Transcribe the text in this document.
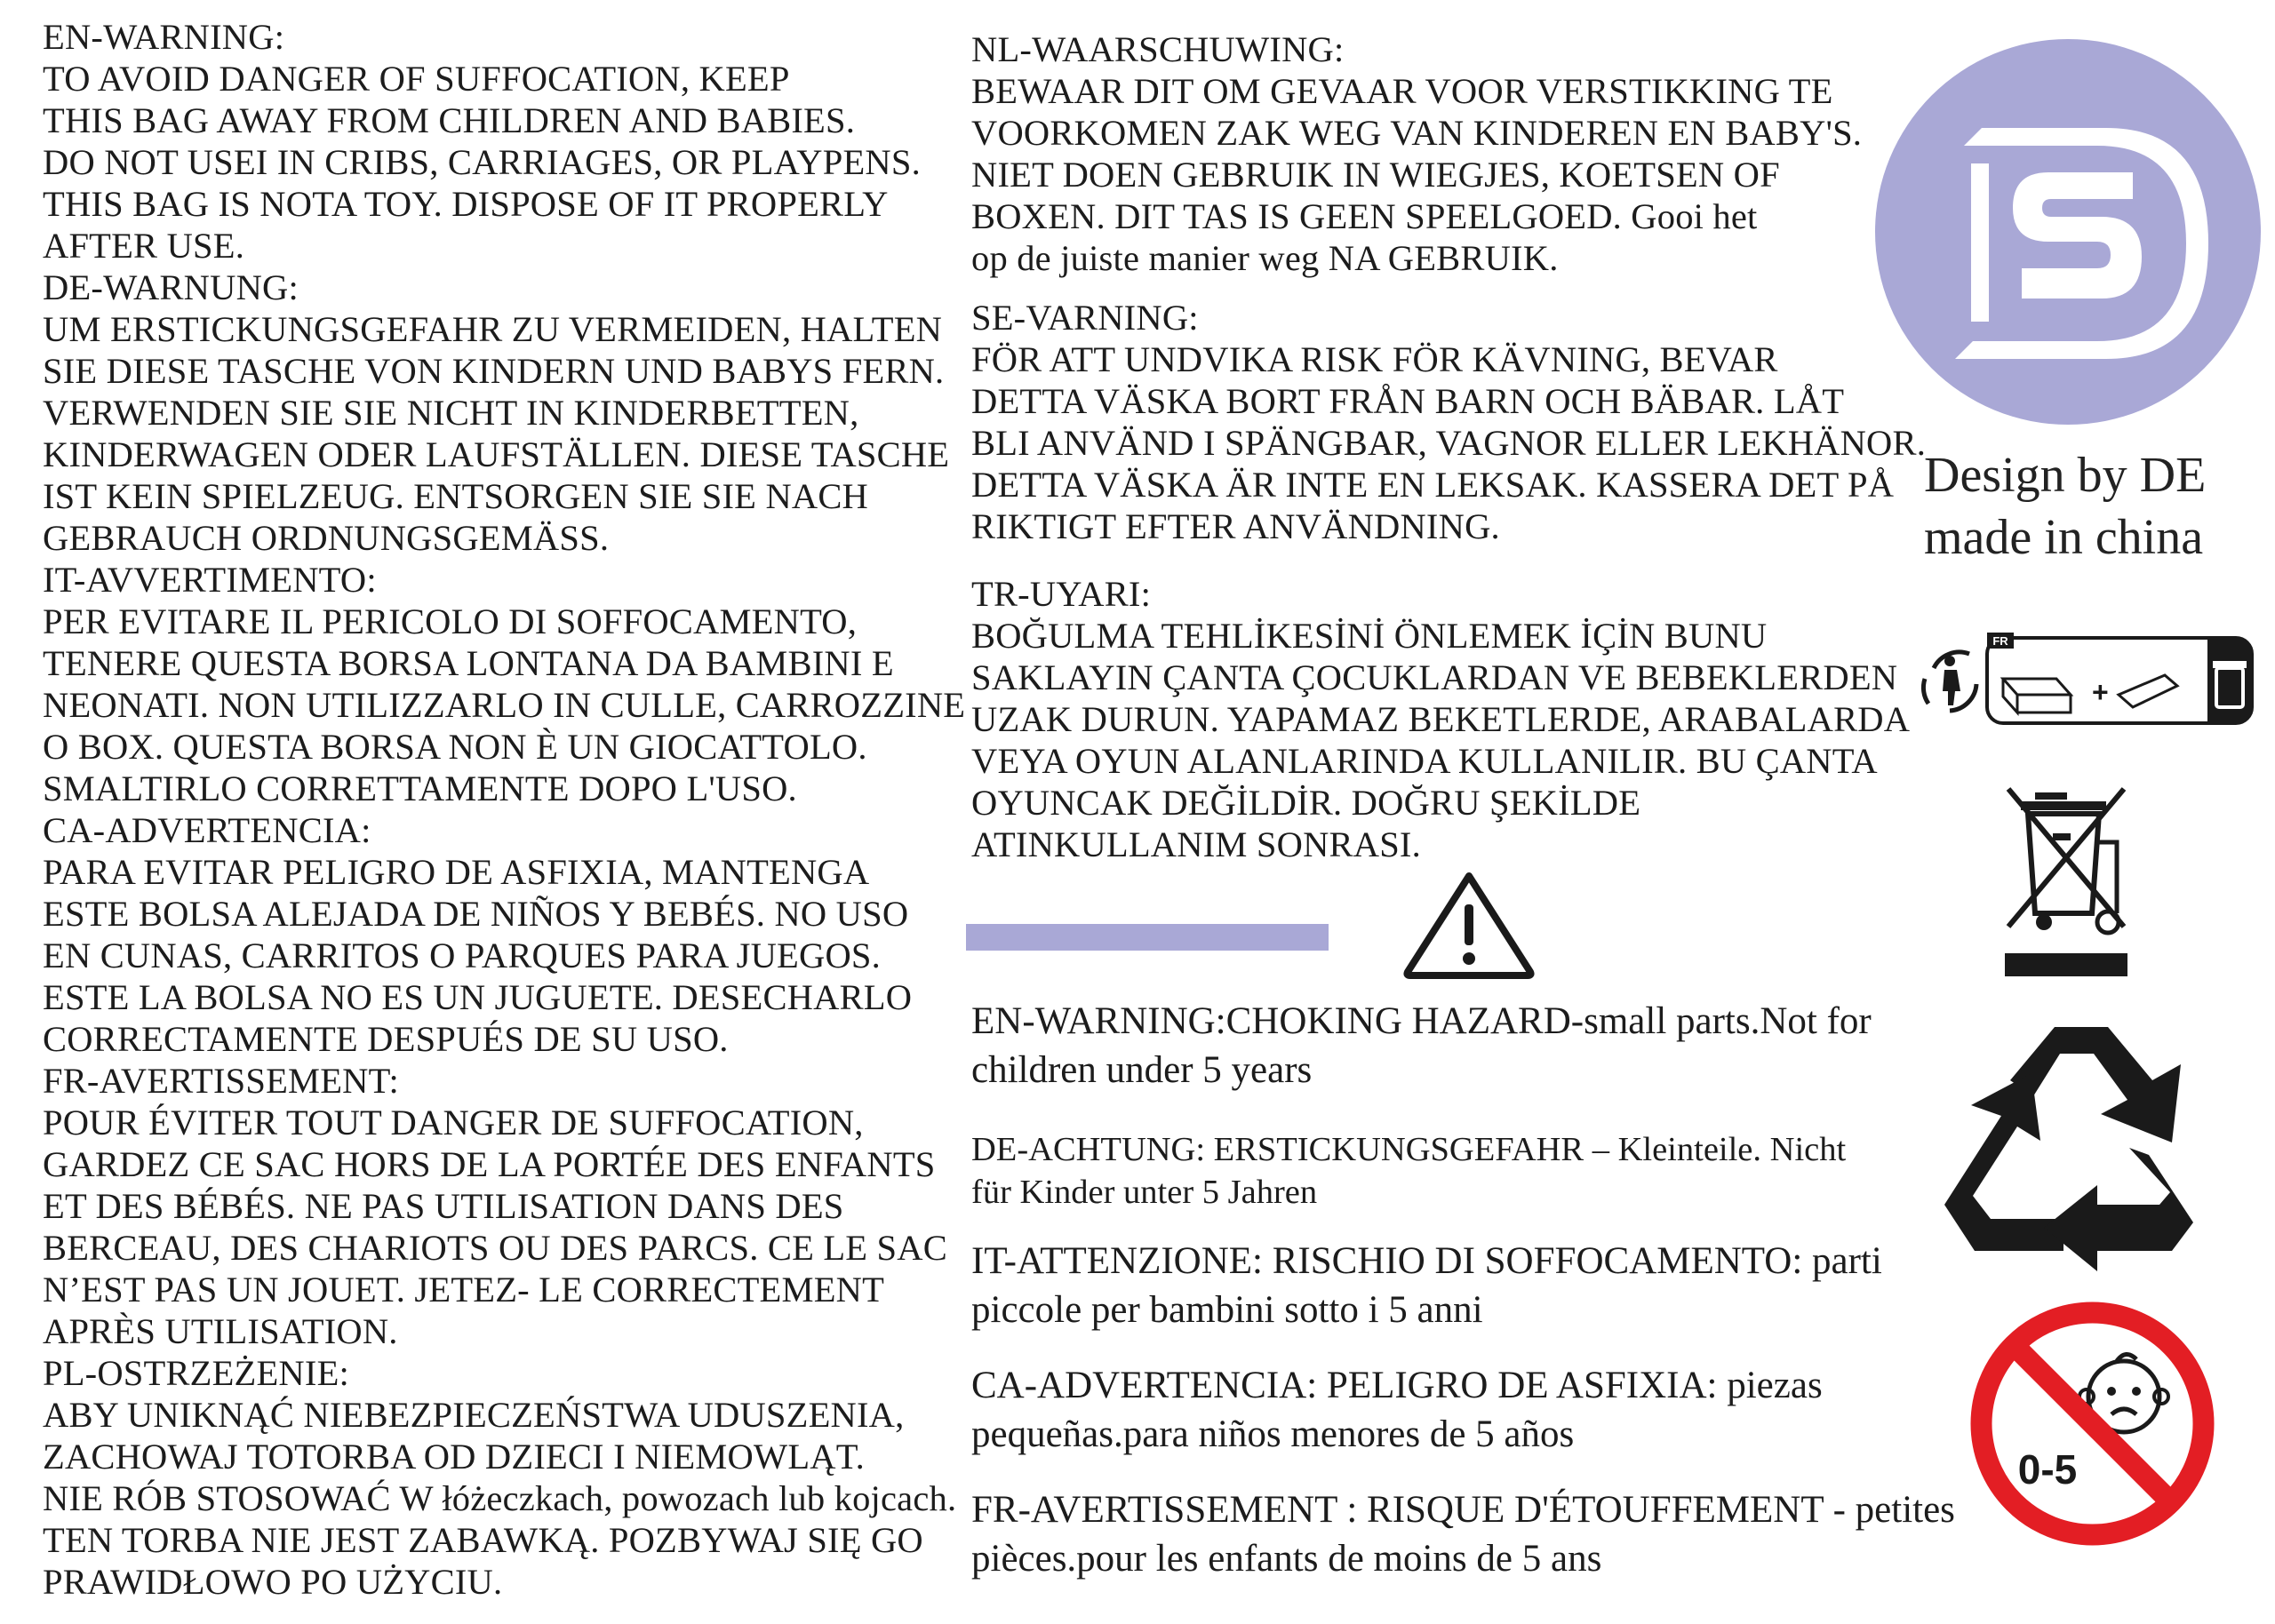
EN-WARNING:
TO AVOID DANGER OF SUFFOCATION, KEEP
THIS BAG AWAY FROM CHILDREN AND BABIES.
DO NOT USEI IN CRIBS, CARRIAGES, OR PLAYPENS.
THIS BAG IS NOTA TOY. DISPOSE OF IT PROPERLY
AFTER USE.
DE-WARNUNG:
UM ERSTICKUNGSGEFAHR ZU VERMEIDEN, HALTEN
SIE DIESE TASCHE VON KINDERN UND BABYS FERN.
VERWENDEN SIE SIE NICHT IN KINDERBETTEN,
KINDERWAGEN ODER LAUFSTÄLLEN. DIESE TASCHE
IST KEIN SPIELZEUG. ENTSORGEN SIE SIE NACH
GEBRAUCH ORDNUNGSGEMÄSS.
IT-AVVERTIMENTO:
PER EVITARE IL PERICOLO DI SOFFOCAMENTO,
TENERE QUESTA BORSA LONTANA DA BAMBINI E
NEONATI. NON UTILIZZARLO IN CULLE, CARROZZINE
O BOX. QUESTA BORSA NON È UN GIOCATTOLO.
SMALTIRLO CORRETTAMENTE DOPO L'USO.
CA-ADVERTENCIA:
PARA EVITAR PELIGRO DE ASFIXIA, MANTENGA
ESTE BOLSA ALEJADA DE NIÑOS Y BEBÉS. NO USO
EN CUNAS, CARRITOS O PARQUES PARA JUEGOS.
ESTE LA BOLSA NO ES UN JUGUETE. DESECHARLO
CORRECTAMENTE DESPUÉS DE SU USO.
FR-AVERTISSEMENT:
POUR ÉVITER TOUT DANGER DE SUFFOCATION,
GARDEZ CE SAC HORS DE LA PORTÉE DES ENFANTS
ET DES BÉBÉS. NE PAS UTILISATION DANS DES
BERCEAU, DES CHARIOTS OU DES PARCS. CE LE SAC
N’EST PAS UN JOUET. JETEZ- LE CORRECTEMENT
APRÈS UTILISATION.
PL-OSTRZEŻENIE:
ABY UNIKNĄĆ NIEBEZPIECZEŃSTWA UDUSZENIA,
ZACHOWAJ TOTORBA OD DZIECI I NIEMOWLĄT.
NIE RÓB STOSOWAĆ W łóżeczkach, powozach lub kojcach.
TEN TORBA NIE JEST ZABAWKĄ. POZBYWAJ SIĘ GO
PRAWIDŁOWO PO UŻYCIU.
NL-WAARSCHUWING:
BEWAAR DIT OM GEVAAR VOOR VERSTIKKING TE
VOORKOMEN ZAK WEG VAN KINDEREN EN BABY'S.
NIET DOEN GEBRUIK IN WIEGJES, KOETSEN OF
BOXEN. DIT TAS IS GEEN SPEELGOED. Gooi het
op de juiste manier weg NA GEBRUIK.
SE-VARNING:
FÖR ATT UNDVIKA RISK FÖR KÄVNING, BEVAR
DETTA VÄSKA BORT FRÅN BARN OCH BÄBAR. LÅT
BLI ANVÄND I SPÄNGBAR, VAGNOR ELLER LEKHÄNOR.
DETTA VÄSKA ÄR INTE EN LEKSAK. KASSERA DET PÅ
RIKTIGT EFTER ANVÄNDNING.
TR-UYARI:
BOĞULMA TEHLİKESİNİ ÖNLEMEK İÇİN BUNU
SAKLAYIN ÇANTA ÇOCUKLARDAN VE BEBEKLERDEN
UZAK DURUN. YAPAMAZ BEKETLERDE, ARABALARDA
VEYA OYUN ALANLARINDA KULLANILIR. BU ÇANTA
OYUNCAK DEĞİLDİR. DOĞRU ŞEKİLDE
ATINKULLANIM SONRASI.
EN-WARNING:CHOKING HAZARD-small parts.Not for
children under 5 years
DE-ACHTUNG: ERSTICKUNGSGEFAHR – Kleinteile. Nicht
für Kinder unter 5 Jahren
IT-ATTENZIONE: RISCHIO DI SOFFOCAMENTO: parti
piccole per bambini sotto i 5 anni
CA-ADVERTENCIA: PELIGRO DE ASFIXIA: piezas
pequeñas.para niños menores de 5 años
FR-AVERTISSEMENT : RISQUE D'ÉTOUFFEMENT - petites
pièces.pour les enfants de moins de 5 ans
Design by DE
made in china
FR
+
0-5
